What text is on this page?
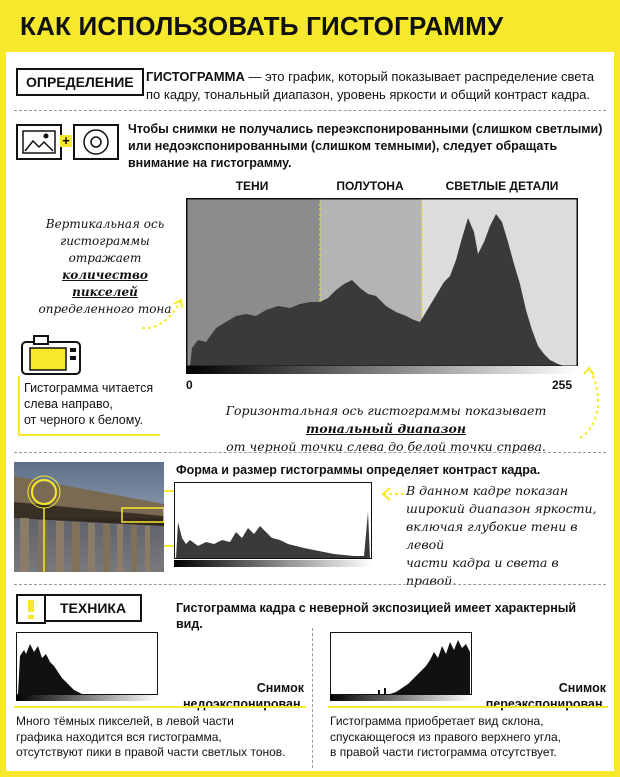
КАК ИСПОЛЬЗОВАТЬ ГИСТОГРАММУ
ОПРЕДЕЛЕНИЕ ГИСТОГРАММА — это график, который показывает распределение света
по кадру, тональный диапазон, уровень яркости и общий контраст кадра.
+
Чтобы снимки не получались переэкспонированными (слишком светлыми)
или недоэкспонированными (слишком темными), следует обращать
внимание на гистограмму.
ТЕНИ	ПОЛУТОНА	СВЕТЛЫЕ ДЕТАЛИ
0	255
Вертикальная ось
гистограммы отражает
количество пикселей
определенного тона
Гистограмма читается
слева направо,
от черного к белому.
Горизонтальная ось гистограммы показывает тональный диапазон
от черной точки слева до белой точки справа.
Форма и размер гистограммы определяет контраст кадра.
В данном кадре показан
широкий диапазон яркости,
включая глубокие тени в левой
части кадра и света в правой.
ТЕХНИКА	Гистограмма кадра с неверной экспозицией имеет характерный вид.
Снимок
недоэкспонирован.
Много тёмных пикселей, в левой части
графика находится вся гистограмма,
отсутствуют пики в правой части светлых тонов.
Снимок
переэкспонирован.
Гистограмма приобретает вид склона,
спускающегося из правого верхнего угла,
в правой части гистограмма отсутствует.
